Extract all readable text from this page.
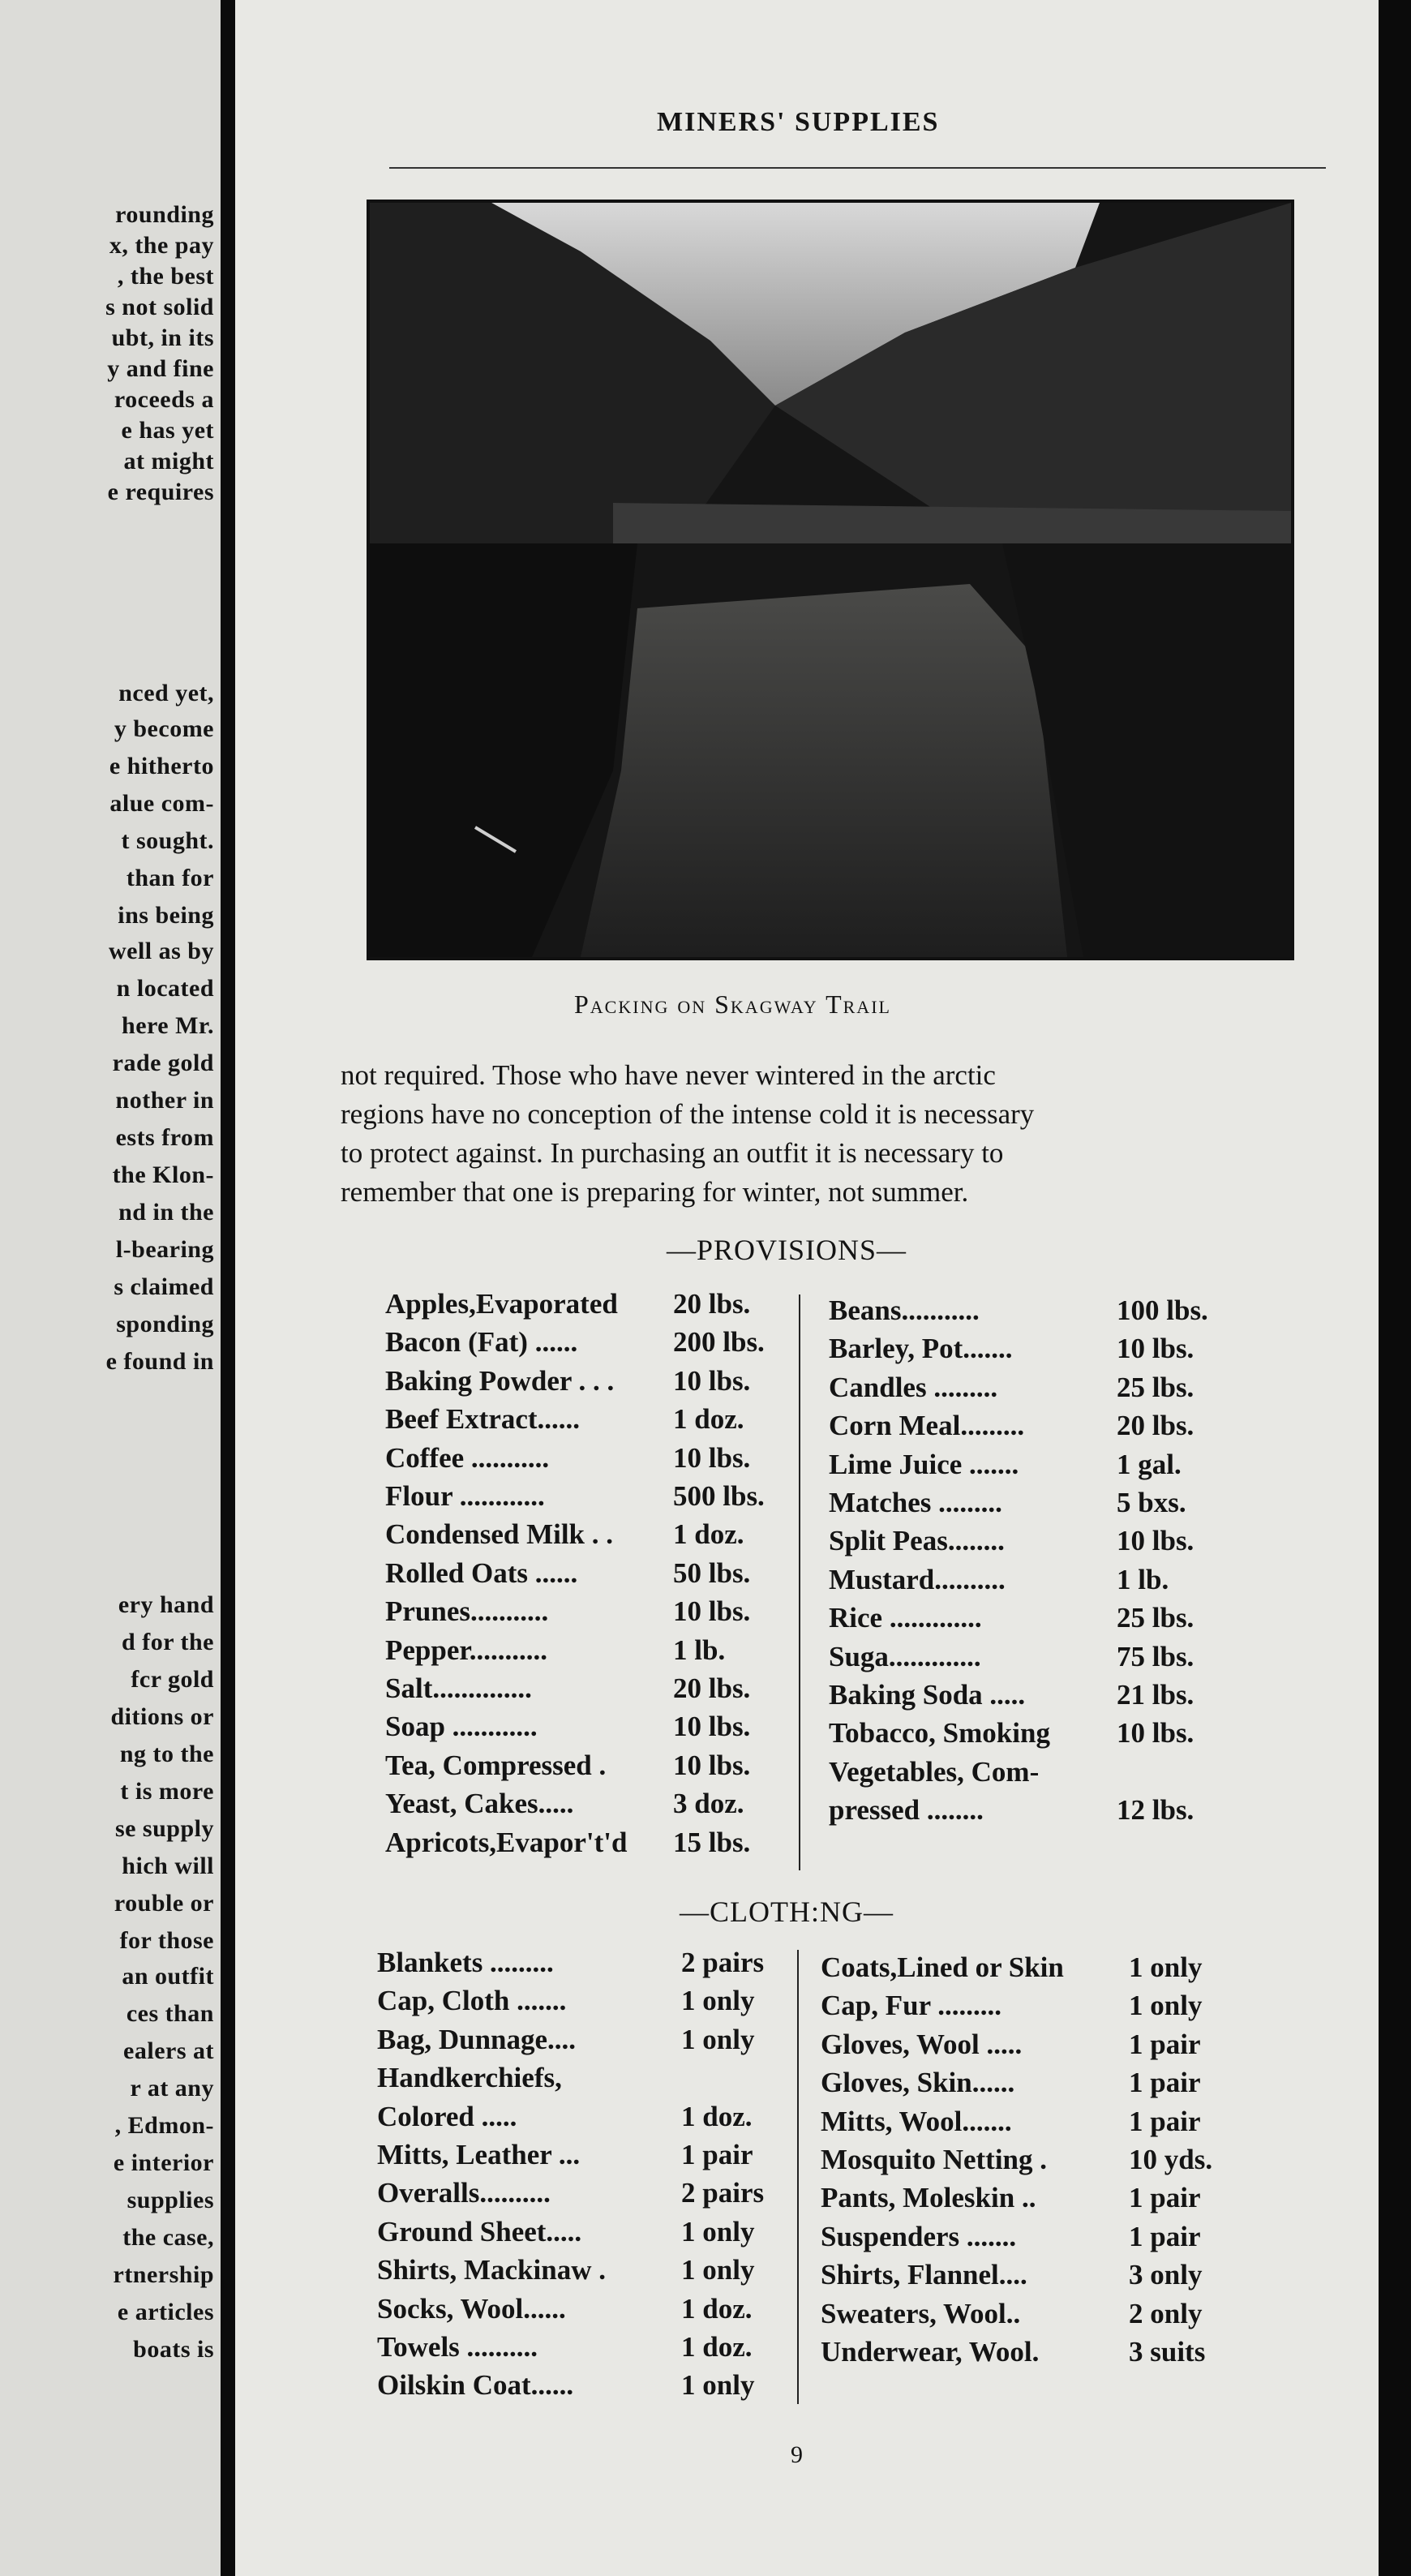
rounding
x, the pay
, the best
s not solid
ubt, in its
y and fine
roceeds a
e has yet
at might
e requires
nced yet,
y become
e hitherto
alue com-
t sought.
than for
ins being
well as by
n located
here Mr.
rade gold
nother in
ests from
the Klon-
nd in the
l-bearing
s claimed
sponding
e found in
ery hand
d for the
fcr gold
ditions or
ng to the
t is more
se supply
hich will
rouble or
for those
an outfit
ces than
ealers at
r at any
, Edmon-
e interior
supplies
the case,
rtnership
e articles
boats is
MINERS' SUPPLIES
Packing on Skagway Trail
not required. Those who have never wintered in the arctic
regions have no conception of the intense cold it is necessary
to protect against. In purchasing an outfit it is necessary to
remember that one is preparing for winter, not summer.
—PROVISIONS—
—CLOTH:NG—
Apples,Evaporated 20 lbs.
Bacon (Fat) ......	200 lbs.
Baking Powder . . . 10 lbs.
Beef Extract......	1 doz.
Coffee ...........	10 lbs.
Flour ............	500 lbs.
Condensed Milk . . 1 doz.
Rolled Oats ......	50 lbs.
Prunes...........	10 lbs.
Pepper...........	1 lb.
Salt..............	20 lbs.
Soap ............	10 lbs.
Tea, Compressed . 10 lbs.
Yeast, Cakes.....	3 doz.
Apricots,Evapor't'd 15 lbs.
Beans...........	100 lbs.
Barley, Pot.......	10 lbs.
Candles .........	25 lbs.
Corn Meal.........	20 lbs.
Lime Juice .......	1 gal.
Matches .........	5 bxs.
Split Peas........	10 lbs.
Mustard..........	1 lb.
Rice .............	25 lbs.
Suga.............	75 lbs.
Baking Soda .....	21 lbs.
Tobacco, Smoking 10 lbs.
Vegetables, Com-
pressed ........	12 lbs.
Blankets .........	2 pairs
Cap, Cloth .......	1 only
Bag, Dunnage....	1 only
Handkerchiefs,
Colored .....	1 doz.
Mitts, Leather ...	1 pair
Overalls..........	2 pairs
Ground Sheet.....	1 only
Shirts, Mackinaw .	1 only
Socks, Wool......	1 doz.
Towels ..........	1 doz.
Oilskin Coat......	1 only
Coats,Lined or Skin 1 only
Cap, Fur .........	1 only
Gloves, Wool .....	1 pair
Gloves, Skin......	1 pair
Mitts, Wool.......	1 pair
Mosquito Netting .	10 yds.
Pants, Moleskin ..	1 pair
Suspenders .......	1 pair
Shirts, Flannel....	3 only
Sweaters, Wool..	2 only
Underwear, Wool.	3 suits
9
